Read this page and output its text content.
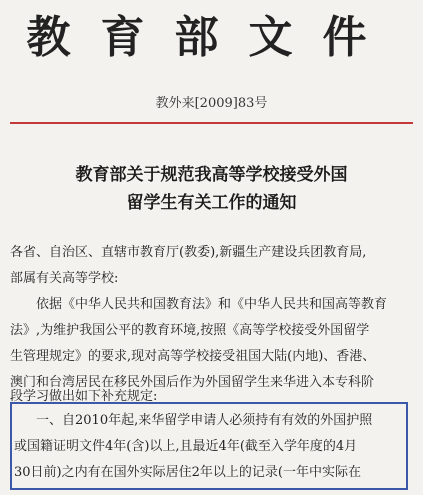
教育部文件
教外来[2009]83号
教育部关于规范我高等学校接受外国
留学生有关工作的通知
各省、自治区、直辖市教育厅(教委),新疆生产建设兵团教育局,
部属有关高等学校:
依据《中华人民共和国教育法》和《中华人民共和国高等教育
法》,为维护我国公平的教育环境,按照《高等学校接受外国留学
生管理规定》的要求,现对高等学校接受祖国大陆(内地)、香港、
澳门和台湾居民在移民外国后作为外国留学生来华进入本专科阶
段学习做出如下补充规定:
一、自2010年起,来华留学申请人必须持有有效的外国护照
或国籍证明文件4年(含)以上,且最近4年(截至入学年度的4月
30日前)之内有在国外实际居住2年以上的记录(一年中实际在
